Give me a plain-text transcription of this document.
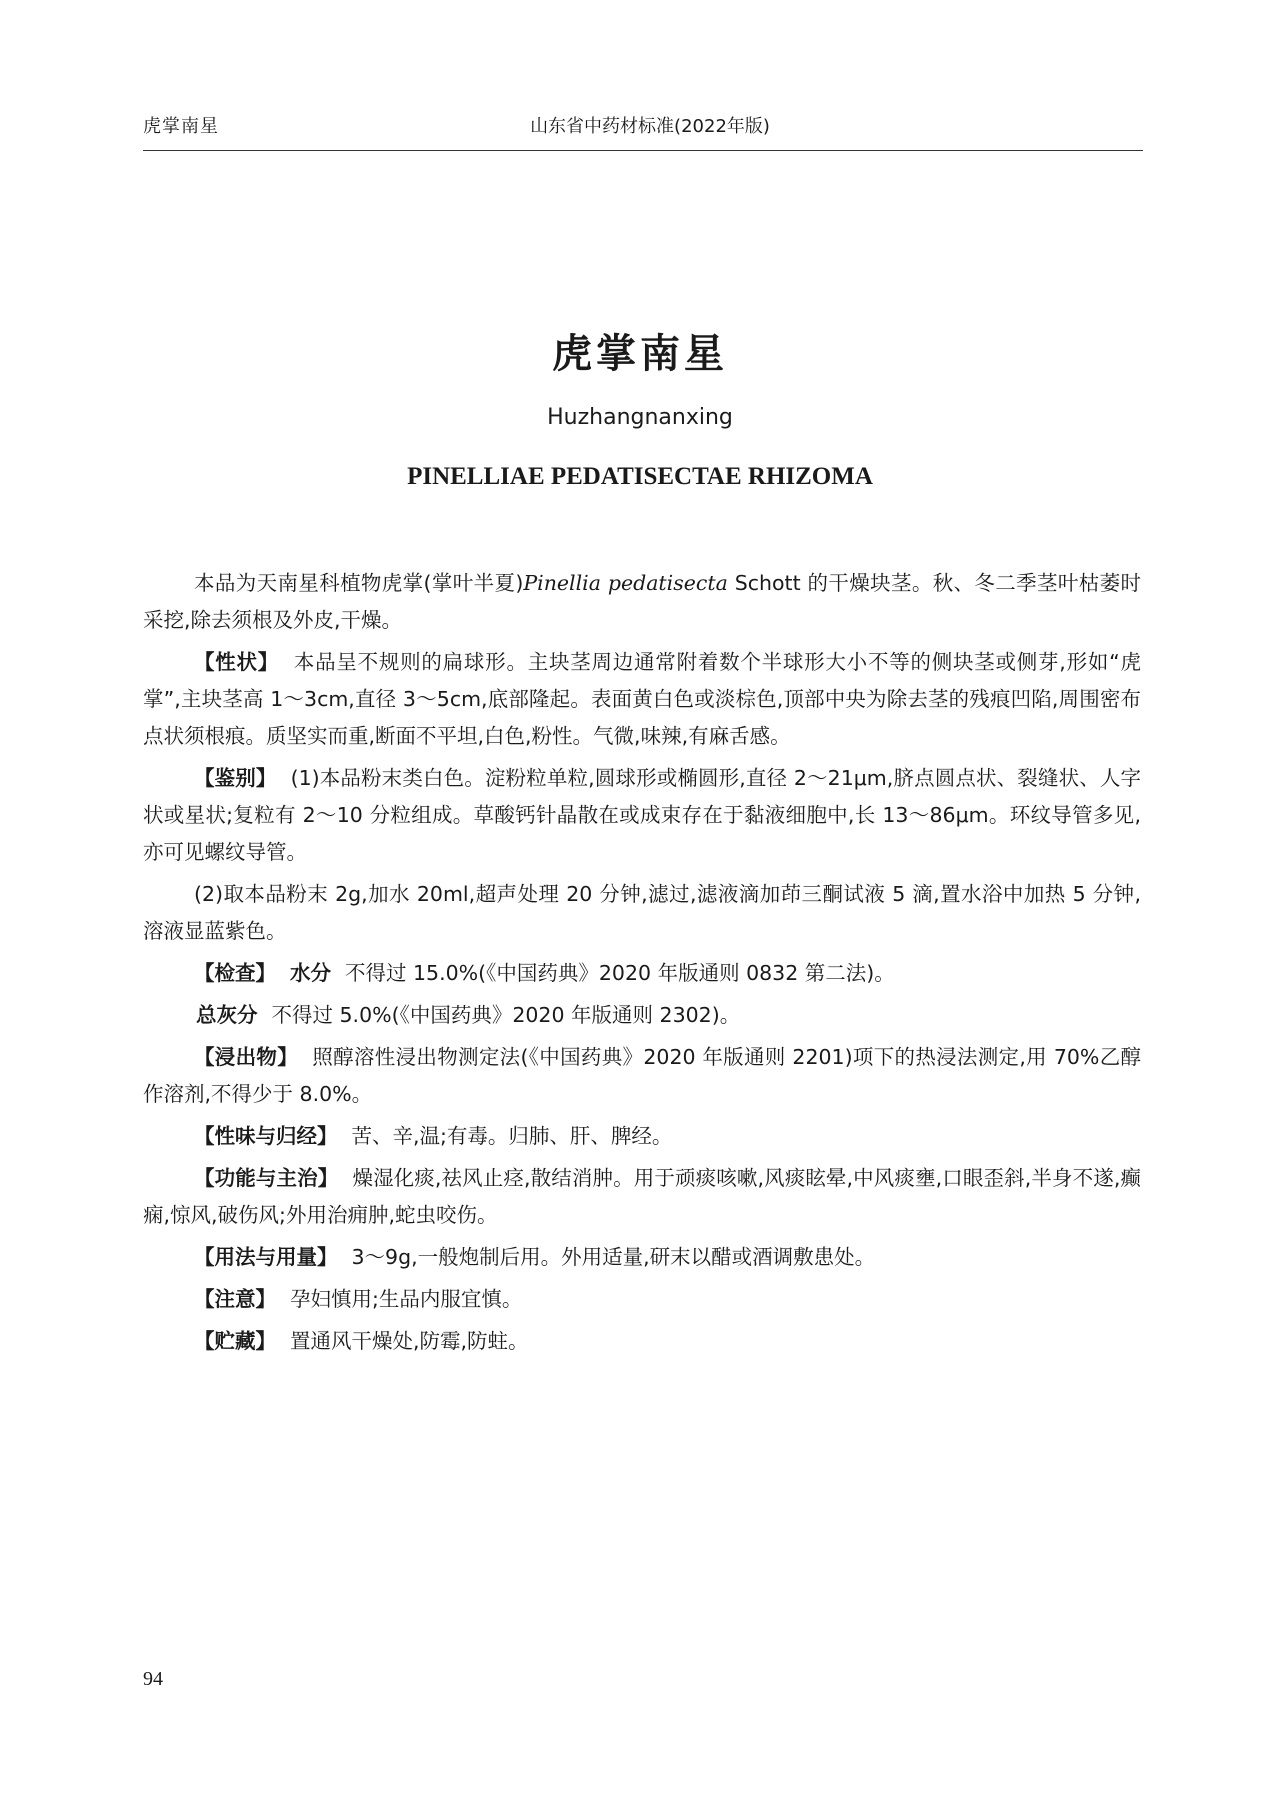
虎掌南星	山东省中药材标准(2022年版)
虎掌南星
Huzhangnanxing
PINELLIAE PEDATISECTAE RHIZOMA

本品为天南星科植物虎掌(掌叶半夏)Pinellia pedatisecta Schott 的干燥块茎。秋、冬二季茎叶枯萎时采挖,除去须根及外皮,干燥。

【性状】 本品呈不规则的扁球形。主块茎周边通常附着数个半球形大小不等的侧块茎或侧芽,形如“虎掌”,主块茎高 1～3cm,直径 3～5cm,底部隆起。表面黄白色或淡棕色,顶部中央为除去茎的残痕凹陷,周围密布点状须根痕。质坚实而重,断面不平坦,白色,粉性。气微,味辣,有麻舌感。

【鉴别】 (1)本品粉末类白色。淀粉粒单粒,圆球形或椭圆形,直径 2～21μm,脐点圆点状、裂缝状、人字状或星状;复粒有 2～10 分粒组成。草酸钙针晶散在或成束存在于黏液细胞中,长 13～86μm。环纹导管多见,亦可见螺纹导管。

(2)取本品粉末 2g,加水 20ml,超声处理 20 分钟,滤过,滤液滴加茚三酮试液 5 滴,置水浴中加热 5 分钟,溶液显蓝紫色。

【检查】 水分 不得过 15.0%(《中国药典》2020 年版通则 0832 第二法)。

总灰分 不得过 5.0%(《中国药典》2020 年版通则 2302)。

【浸出物】 照醇溶性浸出物测定法(《中国药典》2020 年版通则 2201)项下的热浸法测定,用 70%乙醇作溶剂,不得少于 8.0%。

【性味与归经】 苦、辛,温;有毒。归肺、肝、脾经。

【功能与主治】 燥湿化痰,祛风止痉,散结消肿。用于顽痰咳嗽,风痰眩晕,中风痰壅,口眼歪斜,半身不遂,癫痫,惊风,破伤风;外用治痈肿,蛇虫咬伤。

【用法与用量】 3～9g,一般炮制后用。外用适量,研末以醋或酒调敷患处。

【注意】 孕妇慎用;生品内服宜慎。

【贮藏】 置通风干燥处,防霉,防蛀。

94
